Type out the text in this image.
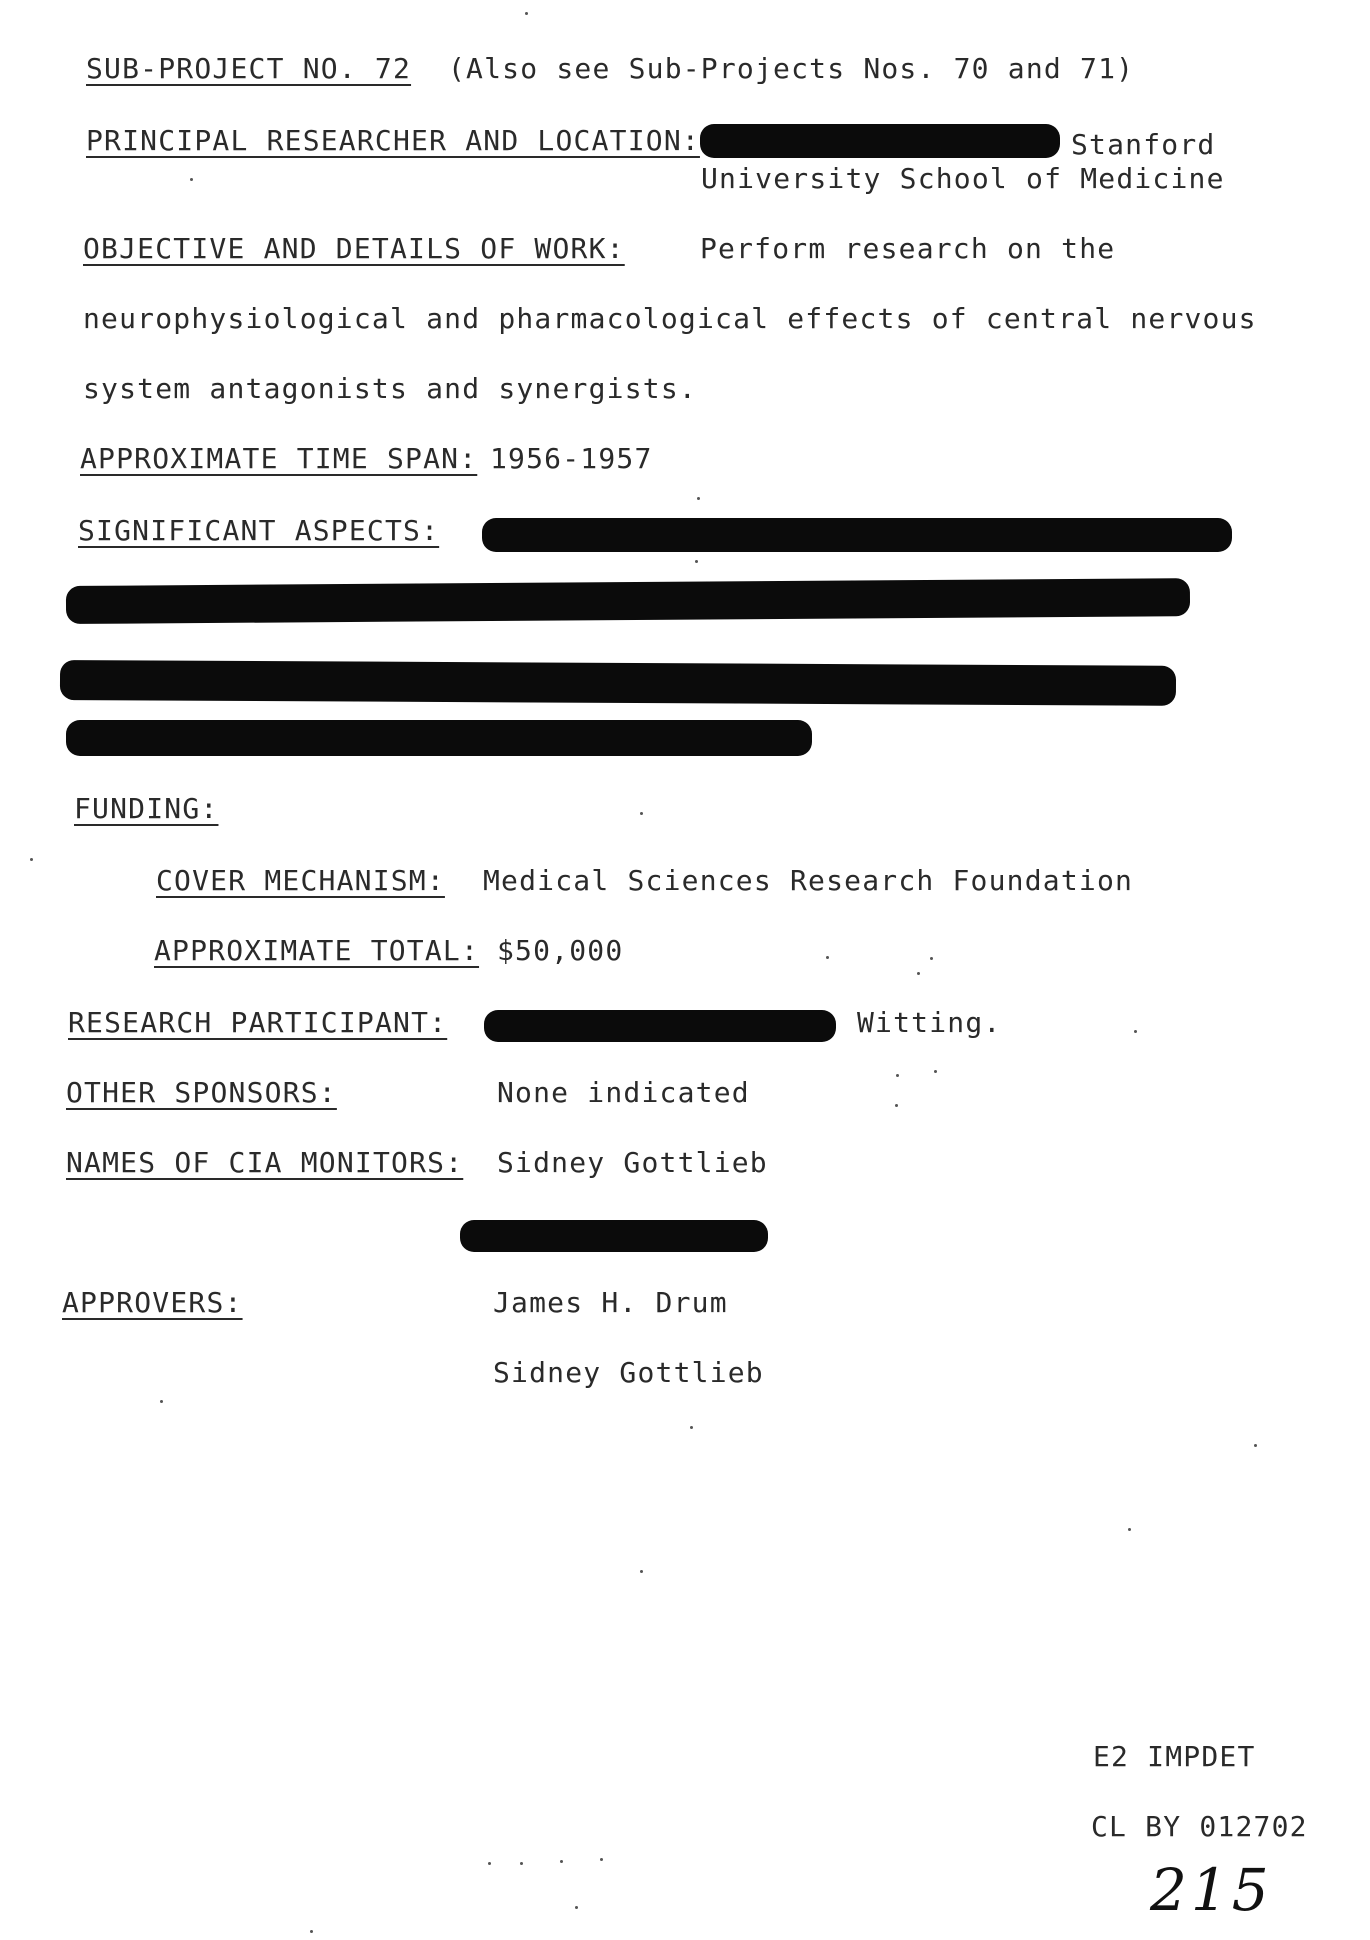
SUB-PROJECT NO. 72 (Also see Sub-Projects Nos. 70 and 71)
PRINCIPAL RESEARCHER AND LOCATION:	Stanford
University School of Medicine
OBJECTIVE AND DETAILS OF WORK:	Perform research on the
neurophysiological and pharmacological effects of central nervous
system antagonists and synergists.
APPROXIMATE TIME SPAN: 1956-1957
SIGNIFICANT ASPECTS:
FUNDING:
COVER MECHANISM: Medical Sciences Research Foundation
APPROXIMATE TOTAL: $50,000
RESEARCH PARTICIPANT:	Witting.
OTHER SPONSORS:	None indicated
NAMES OF CIA MONITORS: Sidney Gottlieb
APPROVERS:	James H. Drum
Sidney Gottlieb
E2 IMPDET
CL BY 012702
215
